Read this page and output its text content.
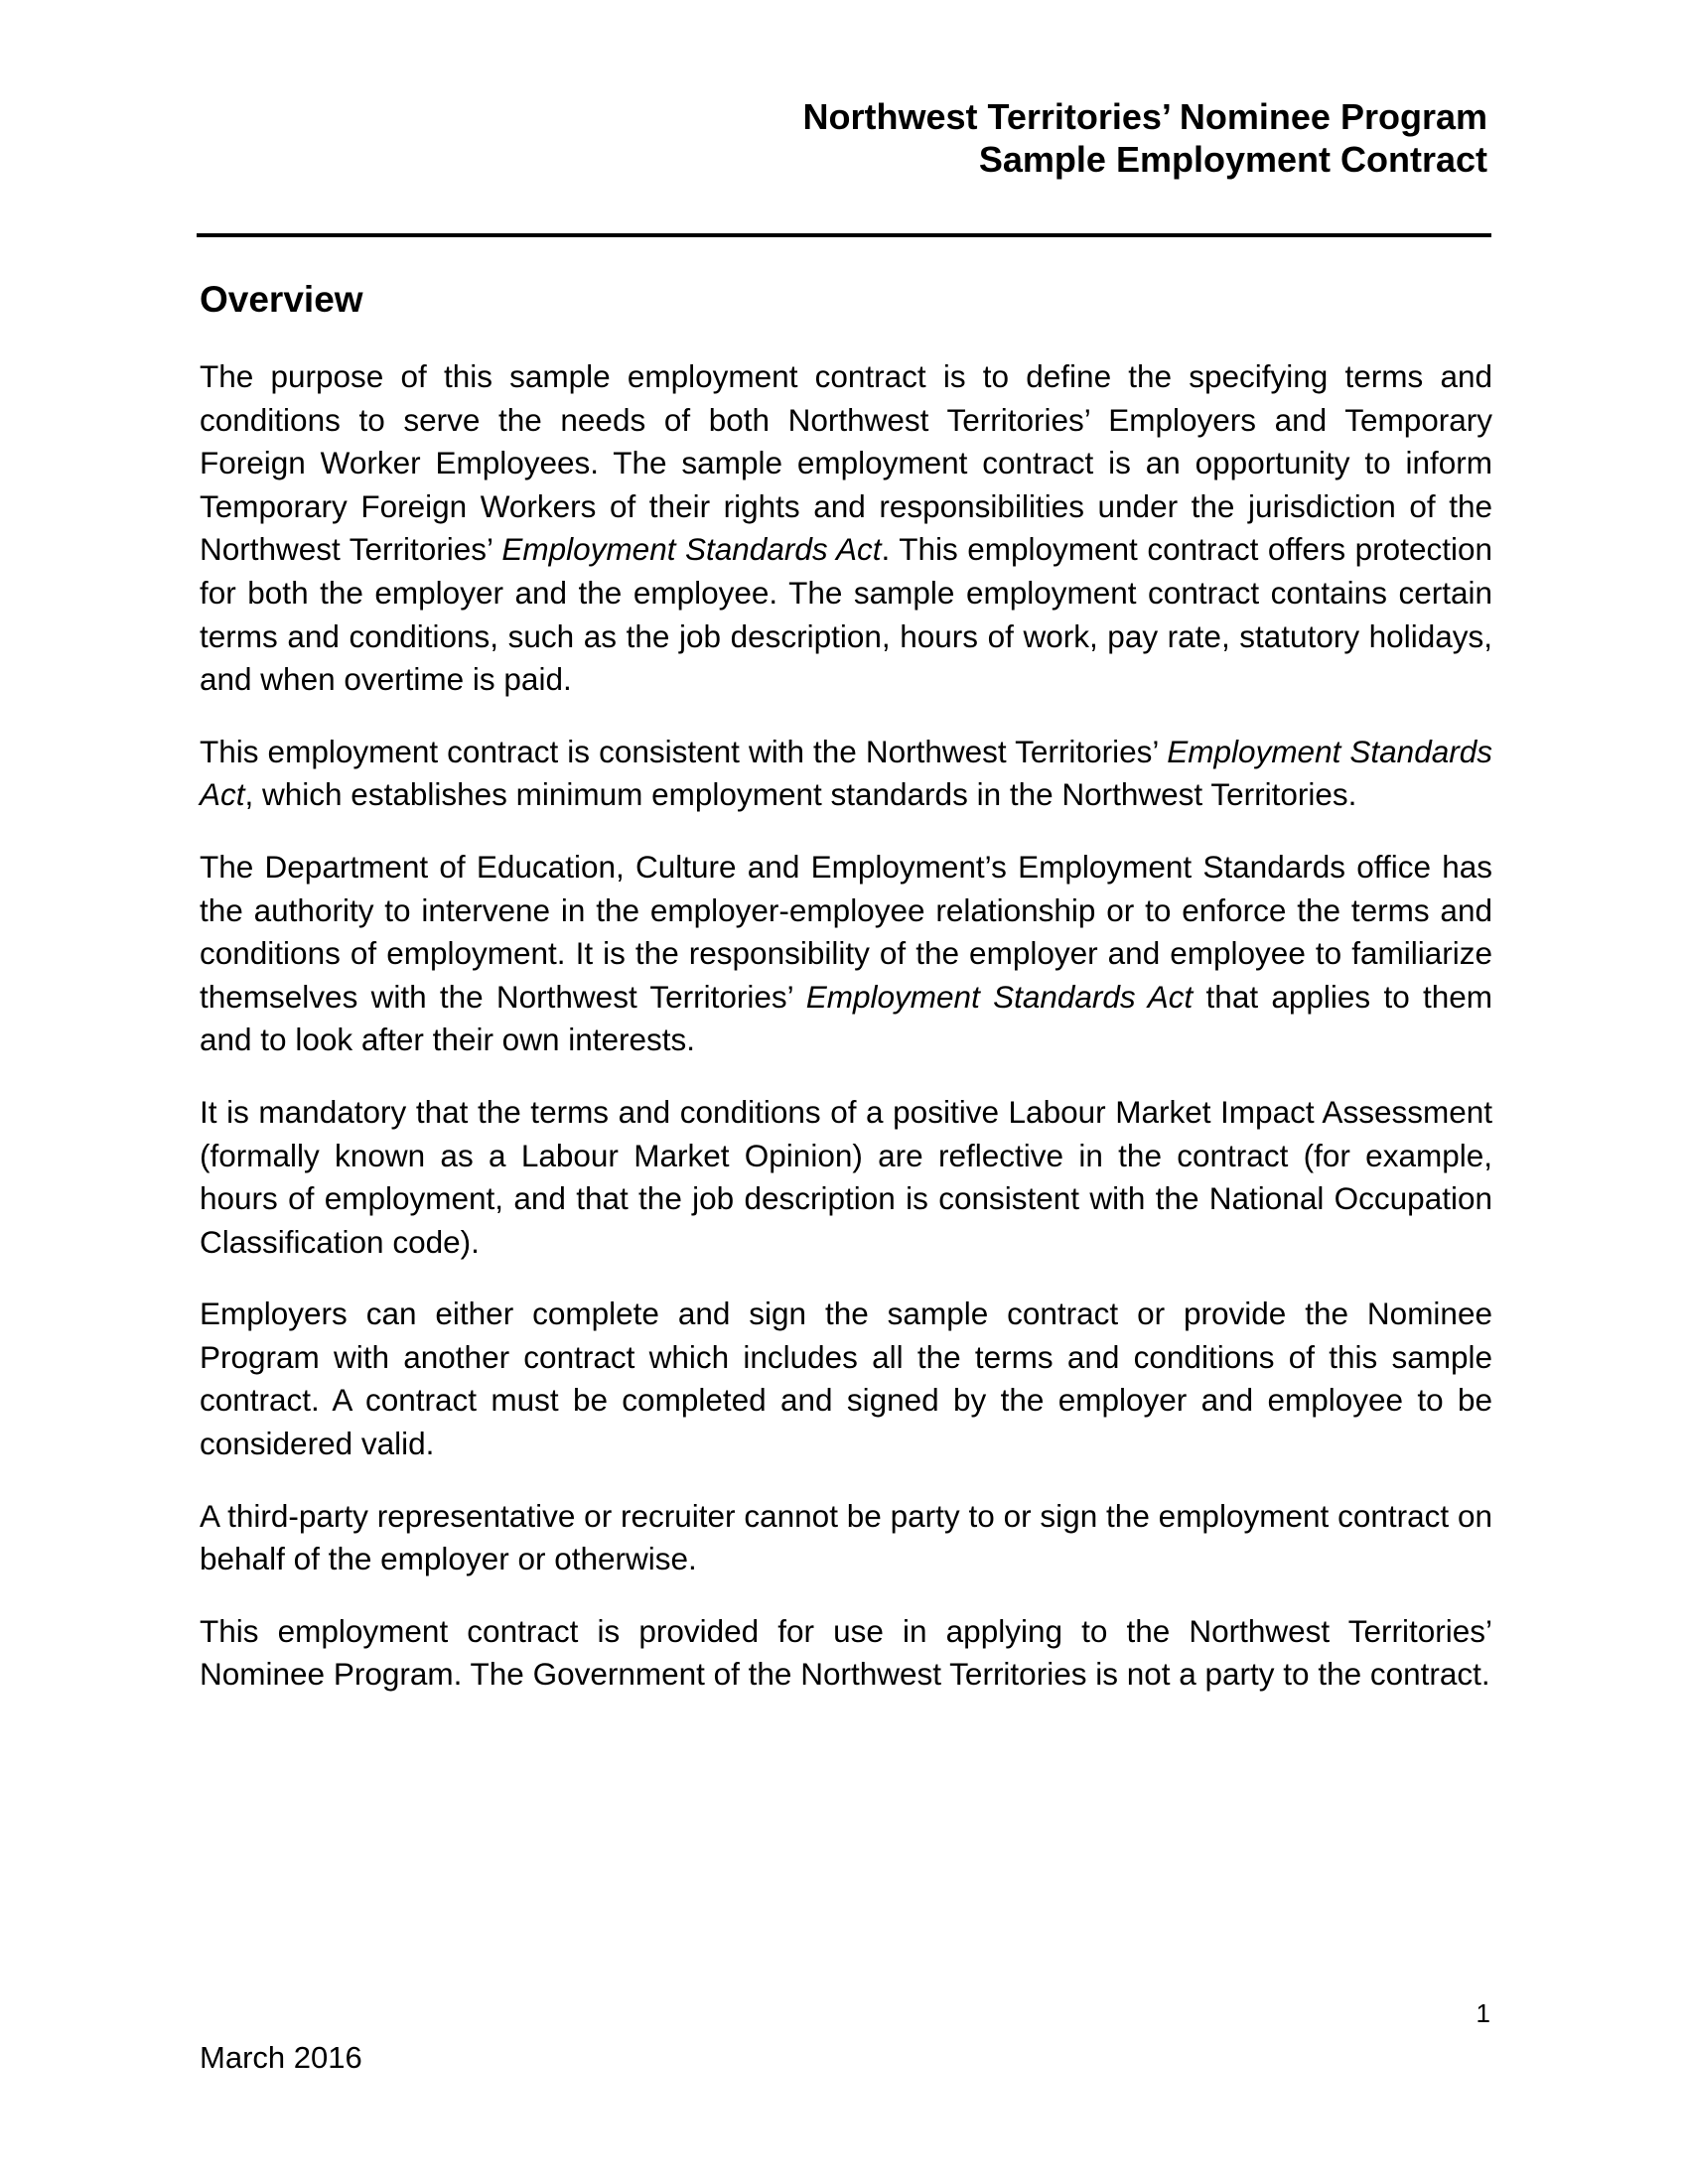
Northwest Territories’ Nominee Program
Sample Employment Contract
Overview

The purpose of this sample employment contract is to define the specifying terms and conditions to serve the needs of both Northwest Territories’ Employers and Temporary Foreign Worker Employees. The sample employment contract is an opportunity to inform Temporary Foreign Workers of their rights and responsibilities under the jurisdiction of the Northwest Territories’ Employment Standards Act. This employment contract offers protection for both the employer and the employee. The sample employment contract contains certain terms and conditions, such as the job description, hours of work, pay rate, statutory holidays, and when overtime is paid.

This employment contract is consistent with the Northwest Territories’ Employment Standards Act, which establishes minimum employment standards in the Northwest Territories.

The Department of Education, Culture and Employment’s Employment Standards office has the authority to intervene in the employer-employee relationship or to enforce the terms and conditions of employment. It is the responsibility of the employer and employee to familiarize themselves with the Northwest Territories’ Employment Standards Act that applies to them and to look after their own interests.

It is mandatory that the terms and conditions of a positive Labour Market Impact Assessment (formally known as a Labour Market Opinion) are reflective in the contract (for example, hours of employment, and that the job description is consistent with the National Occupation Classification code).

Employers can either complete and sign the sample contract or provide the Nominee Program with another contract which includes all the terms and conditions of this sample contract. A contract must be completed and signed by the employer and employee to be considered valid.

A third-party representative or recruiter cannot be party to or sign the employment contract on behalf of the employer or otherwise.

This employment contract is provided for use in applying to the Northwest Territories’ Nominee Program. The Government of the Northwest Territories is not a party to the contract.

1
March 2016
